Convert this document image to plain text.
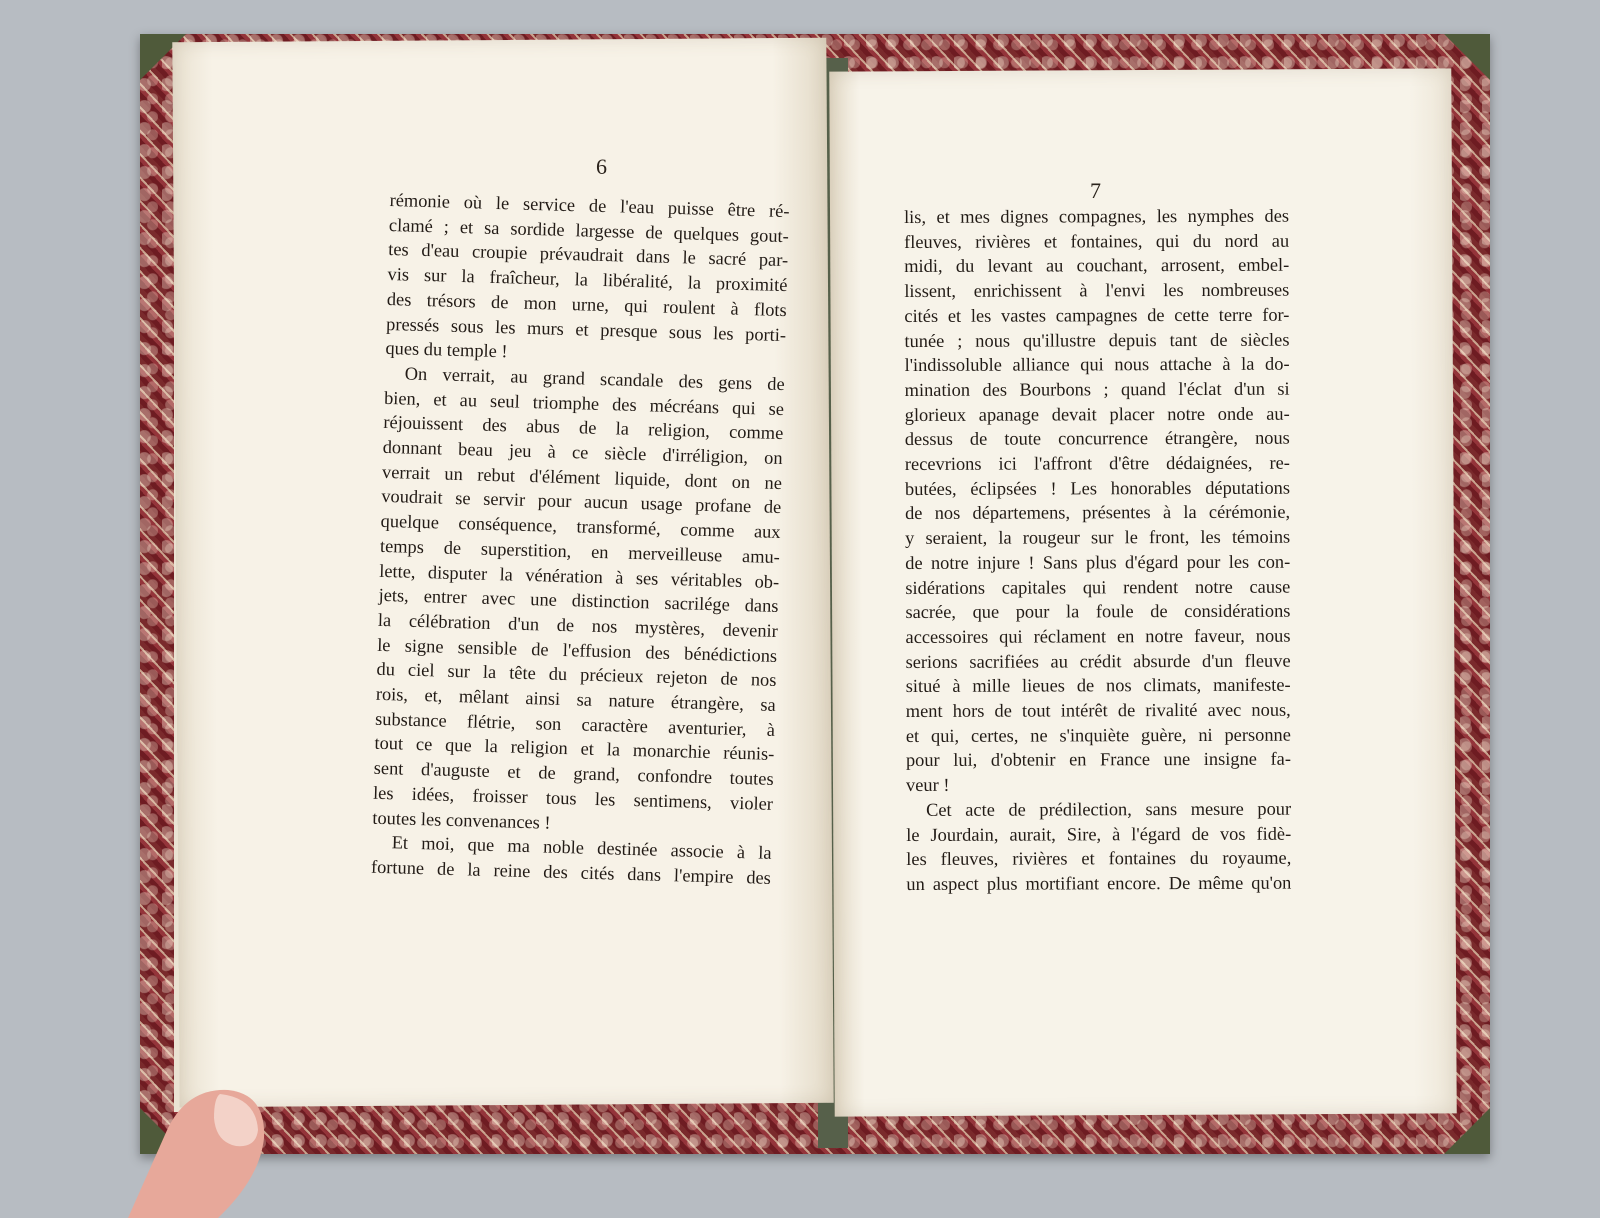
6
7

rémonie où le service de l'eau puisse être ré-
clamé ; et sa sordide largesse de quelques gout-
tes d'eau croupie prévaudrait dans le sacré par-
vis sur la fraîcheur, la libéralité, la proximité
des trésors de mon urne, qui roulent à flots
pressés sous les murs et presque sous les porti-
ques du temple !

On verrait, au grand scandale des gens de
bien, et au seul triomphe des mécréans qui se
réjouissent des abus de la religion, comme
donnant beau jeu à ce siècle d'irréligion, on
verrait un rebut d'élément liquide, dont on ne
voudrait se servir pour aucun usage profane de
quelque conséquence, transformé, comme aux
temps de superstition, en merveilleuse amu-
lette, disputer la vénération à ses véritables ob-
jets, entrer avec une distinction sacrilége dans
la célébration d'un de nos mystères, devenir
le signe sensible de l'effusion des bénédictions
du ciel sur la tête du précieux rejeton de nos
rois, et, mêlant ainsi sa nature étrangère, sa
substance flétrie, son caractère aventurier, à
tout ce que la religion et la monarchie réunis-
sent d'auguste et de grand, confondre toutes
les idées, froisser tous les sentimens, violer
toutes les convenances !

Et moi, que ma noble destinée associe à la
fortune de la reine des cités dans l'empire des

lis, et mes dignes compagnes, les nymphes des
fleuves, rivières et fontaines, qui du nord au
midi, du levant au couchant, arrosent, embel-
lissent, enrichissent à l'envi les nombreuses
cités et les vastes campagnes de cette terre for-
tunée ; nous qu'illustre depuis tant de siècles
l'indissoluble alliance qui nous attache à la do-
mination des Bourbons ; quand l'éclat d'un si
glorieux apanage devait placer notre onde au-
dessus de toute concurrence étrangère, nous
recevrions ici l'affront d'être dédaignées, re-
butées, éclipsées ! Les honorables députations
de nos départemens, présentes à la cérémonie,
y seraient, la rougeur sur le front, les témoins
de notre injure ! Sans plus d'égard pour les con-
sidérations capitales qui rendent notre cause
sacrée, que pour la foule de considérations
accessoires qui réclament en notre faveur, nous
serions sacrifiées au crédit absurde d'un fleuve
situé à mille lieues de nos climats, manifeste-
ment hors de tout intérêt de rivalité avec nous,
et qui, certes, ne s'inquiète guère, ni personne
pour lui, d'obtenir en France une insigne fa-
veur !

Cet acte de prédilection, sans mesure pour
le Jourdain, aurait, Sire, à l'égard de vos fidè-
les fleuves, rivières et fontaines du royaume,
un aspect plus mortifiant encore. De même qu'on
